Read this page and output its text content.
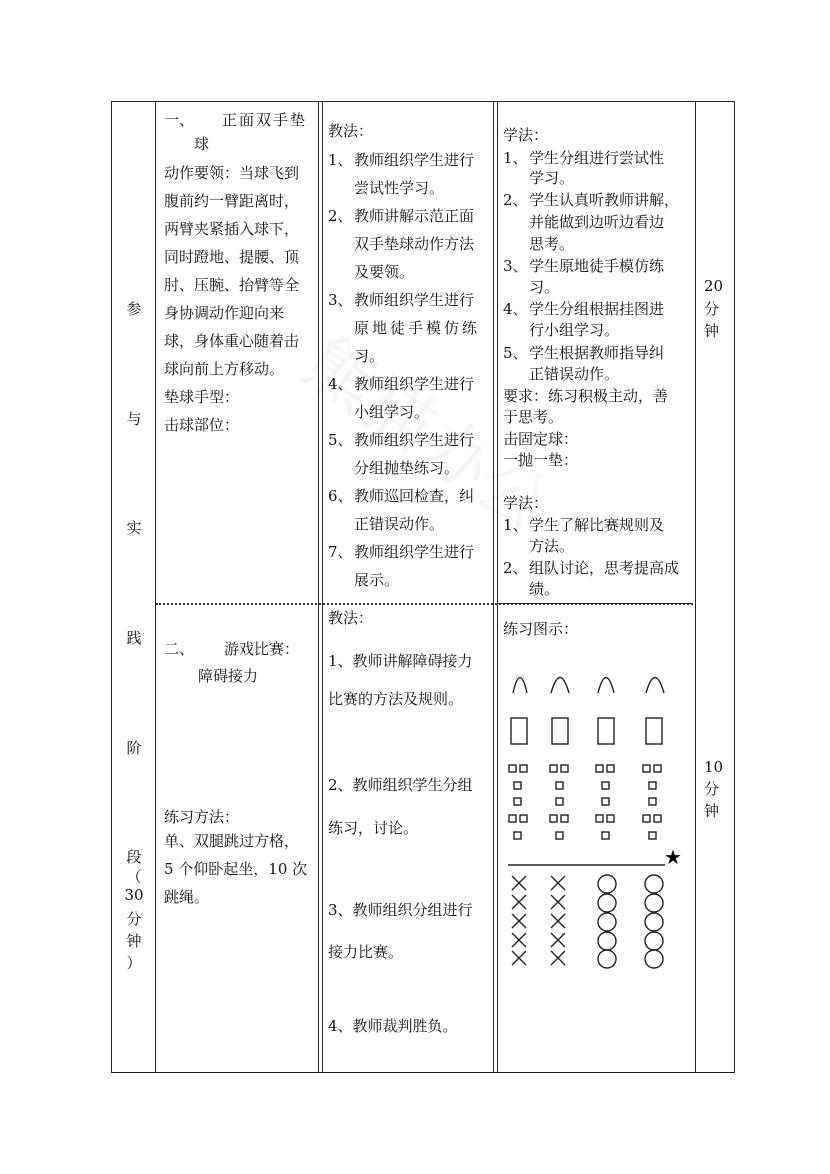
参
与
实
践
阶
段
（
30
分
钟
）
一、 正面双手垫
球
动作要领：当球飞到
腹前约一臂距离时，
两臂夹紧插入球下，
同时蹬地、提腰、顶
肘、压腕、抬臂等全
身协调动作迎向来
球，身体重心随着击
球向前上方移动。
垫球手型：
击球部位：
教法：
1、 教师组织学生进行
尝试性学习。
2、 教师讲解示范正面
双手垫球动作方法
及要领。
3、 教师组织学生进行
原地徒手模仿练
习。
4、 教师组织学生进行
小组学习。
5、 教师组织学生进行
分组抛垫练习。
6、 教师巡回检查，纠
正错误动作。
7、 教师组织学生进行
展示。
学法：
1、 学生分组进行尝试性
学习。
2、 学生认真听教师讲解，
并能做到边听边看边
思考。
3、 学生原地徒手模仿练
习。
4、 学生分组根据挂图进
行小组学习。
5、 学生根据教师指导纠
正错误动作。
要求：练习积极主动，善
于思考。
击固定球：
一抛一垫：
学法：
1、 学生了解比赛规则及
方法。
2、 组队讨论，思考提高成
绩。
20
分
钟
二、 游戏比赛：
障碍接力
练习方法：
单、双腿跳过方格，
5 个仰卧起坐，10 次
跳绳。
教法：
1、教师讲解障碍接力
比赛的方法及规则。
2、教师组织学生分组
练习，讨论。
3、教师组织分组进行
接力比赛。
4、教师裁判胜负。
练习图示：
★
10
分
钟
